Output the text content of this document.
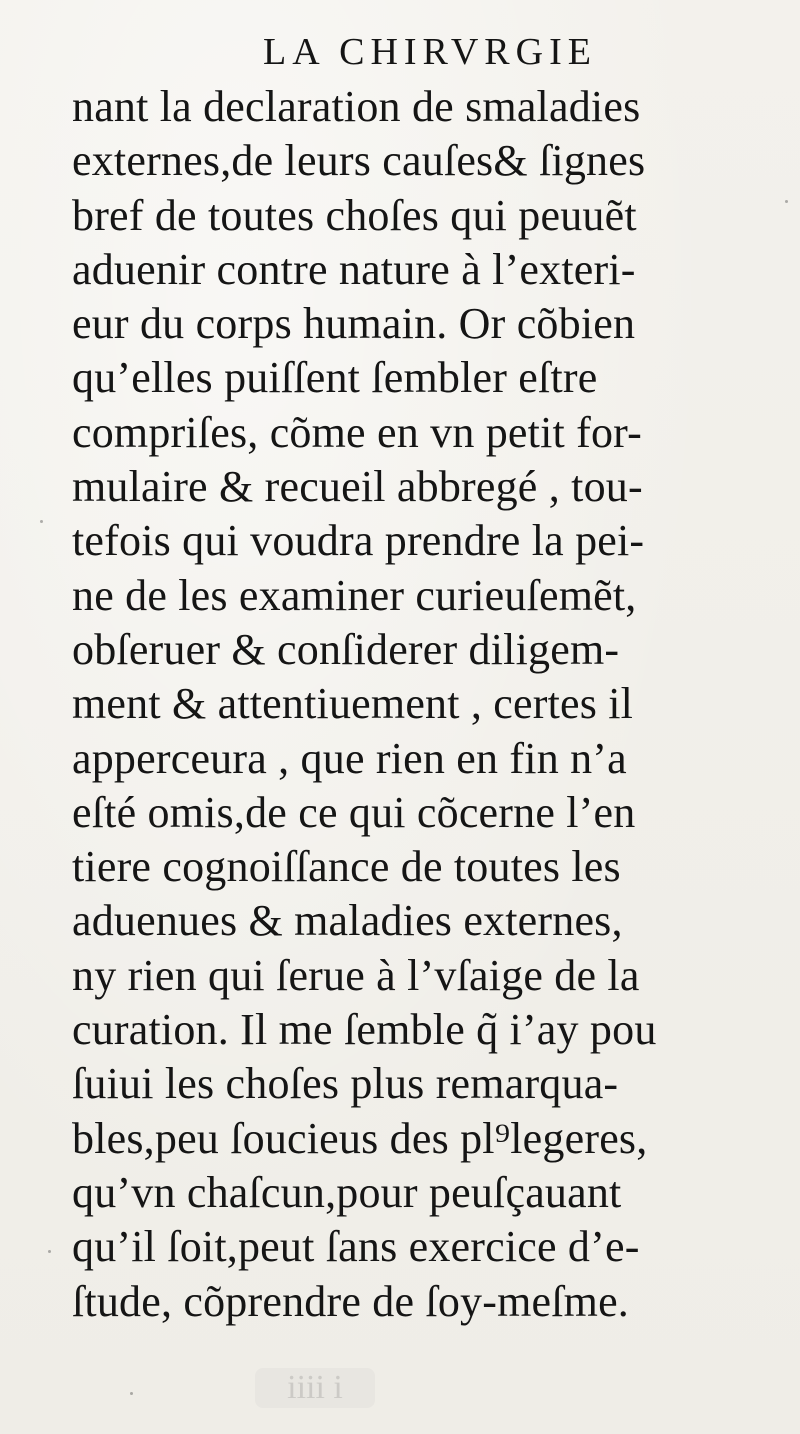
LA CHIRVRGIE
nant la declaration de smaladies
externes,de leurs cauſes& ſignes
bref de toutes choſes qui peuuẽt
aduenir contre nature à l’exteri-
eur du corps humain. Or cõbien
qu’elles puiſſent ſembler eſtre
compriſes, cõme en vn petit for-
mulaire & recueil abbregé , tou-
tefois qui voudra prendre la pei-
ne de les examiner curieuſemẽt,
obſeruer & conſiderer diligem-
ment & attentiuement , certes il
apperceura , que rien en fin n’a
eſté omis,de ce qui cõcerne l’en
tiere cognoiſſance de toutes les
aduenues & maladies externes,
ny rien qui ſerue à l’vſaige de la
curation. Il me ſemble q̃ i’ay pou
ſuiui les choſes plus remarqua-
bles,peu ſoucieus des pl⁹legeres,
qu’vn chaſcun,pour peuſçauant
qu’il ſoit,peut ſans exercice d’e-
ſtude, cõprendre de ſoy-meſme.
iiii i
